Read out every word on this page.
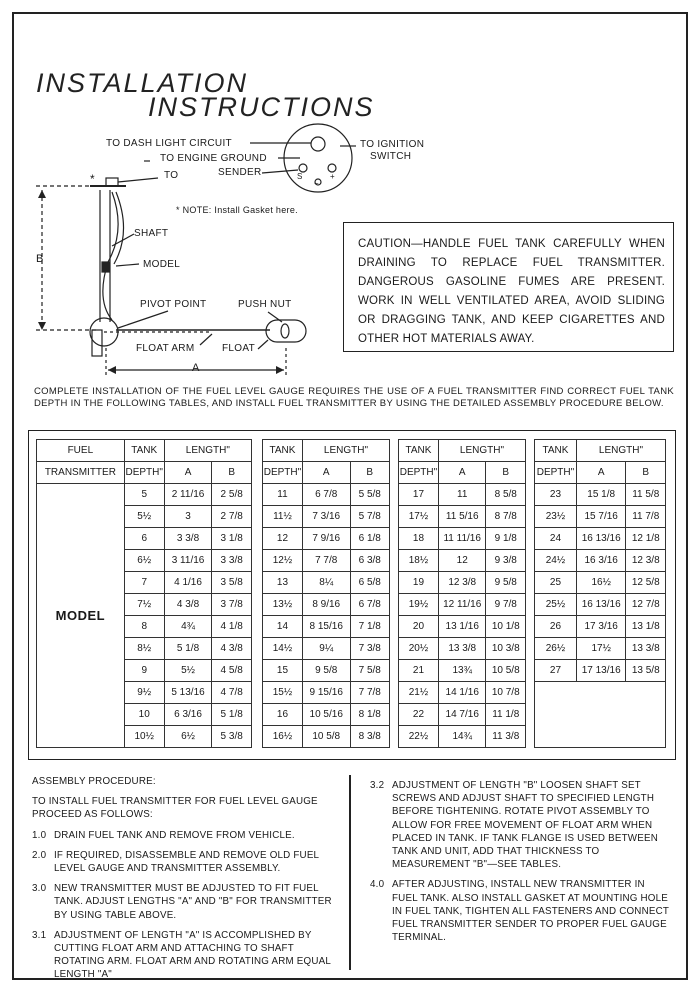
INSTALLATION
INSTRUCTIONS
TO DASH LIGHT CIRCUIT
TO ENGINE GROUND
TO	SENDER
TO IGNITION
SWITCH
S
−
+
*
* NOTE: Install Gasket here.
SHAFT
MODEL
B
PIVOT POINT	PUSH NUT
FLOAT ARM	FLOAT
A
CAUTION—HANDLE FUEL TANK CAREFULLY WHEN DRAINING TO REPLACE FUEL TRANSMITTER. DANGEROUS GASOLINE FUMES ARE PRESENT. WORK IN WELL VENTILATED AREA, AVOID SLIDING OR DRAGGING TANK, AND KEEP CIGARETTES AND OTHER HOT MATERIALS AWAY.
COMPLETE INSTALLATION OF THE FUEL LEVEL GAUGE REQUIRES THE USE OF A FUEL TRANSMITTER FIND CORRECT FUEL TANK DEPTH IN THE FOLLOWING TABLES, AND INSTALL FUEL TRANSMITTER BY USING THE DETAILED ASSEMBLY PROCEDURE BELOW.
FUEL	TANK	LENGTH"	
TRANSMITTER	DEPTH"	A	B
MODEL	5	2 11/16	2 5/8
	5½	3	2 7/8
	6	3 3/8	3 1/8
	6½	3 11/16	3 3/8
	7	4 1/16	3 5/8
	7½	4 3/8	3 7/8
	8	4¾	4 1/8
	8½	5 1/8	4 3/8
	9	5½	4 5/8
	9½	5 13/16	4 7/8
	10	6 3/16	5 1/8
	10½	6½	5 3/8
TANK	LENGTH"	
DEPTH"	A	B
11	6 7/8	5 5/8
11½	7 3/16	5 7/8
12	7 9/16	6 1/8
12½	7 7/8	6 3/8
13	8¼	6 5/8
13½	8 9/16	6 7/8
14	8 15/16	7 1/8
14½	9¼	7 3/8
15	9 5/8	7 5/8
15½	9 15/16	7 7/8
16	10 5/16	8 1/8
16½	10 5/8	8 3/8
TANK	LENGTH"	
DEPTH"	A	B
17	11	8 5/8
17½	11 5/16	8 7/8
18	11 11/16	9 1/8
18½	12	9 3/8
19	12 3/8	9 5/8
19½	12 11/16	9 7/8
20	13 1/16	10 1/8
20½	13 3/8	10 3/8
21	13¾	10 5/8
21½	14 1/16	10 7/8
22	14 7/16	11 1/8
22½	14¾	11 3/8
TANK	LENGTH"	
DEPTH"	A	B
23	15 1/8	11 5/8
23½	15 7/16	11 7/8
24	16 13/16	12 1/8
24½	16 3/16	12 3/8
25	16½	12 5/8
25½	16 13/16	12 7/8
26	17 3/16	13 1/8
26½	17½	13 3/8
27	17 13/16	13 5/8

ASSEMBLY PROCEDURE:

TO INSTALL FUEL TRANSMITTER FOR FUEL LEVEL GAUGE PROCEED AS FOLLOWS:

1.0 DRAIN FUEL TANK AND REMOVE FROM VEHICLE.

2.0 IF REQUIRED, DISASSEMBLE AND REMOVE OLD FUEL LEVEL GAUGE AND TRANSMITTER ASSEMBLY.

3.0 NEW TRANSMITTER MUST BE ADJUSTED TO FIT FUEL TANK. ADJUST LENGTHS "A" AND "B" FOR TRANSMITTER BY USING TABLE ABOVE.

3.1 ADJUSTMENT OF LENGTH "A" IS ACCOMPLISHED BY CUTTING FLOAT ARM AND ATTACHING TO SHAFT ROTATING ARM. FLOAT ARM AND ROTATING ARM EQUAL LENGTH "A"

3.2 ADJUSTMENT OF LENGTH "B" LOOSEN SHAFT SET SCREWS AND ADJUST SHAFT TO SPECIFIED LENGTH BEFORE TIGHTENING. ROTATE PIVOT ASSEMBLY TO ALLOW FOR FREE MOVEMENT OF FLOAT ARM WHEN PLACED IN TANK. IF TANK FLANGE IS USED BETWEEN TANK AND UNIT, ADD THAT THICKNESS TO MEASUREMENT "B"—SEE TABLES.

4.0 AFTER ADJUSTING, INSTALL NEW TRANSMITTER IN FUEL TANK. ALSO INSTALL GASKET AT MOUNTING HOLE IN FUEL TANK, TIGHTEN ALL FASTENERS AND CONNECT FUEL TRANSMITTER SENDER TO PROPER FUEL GAUGE TERMINAL.
